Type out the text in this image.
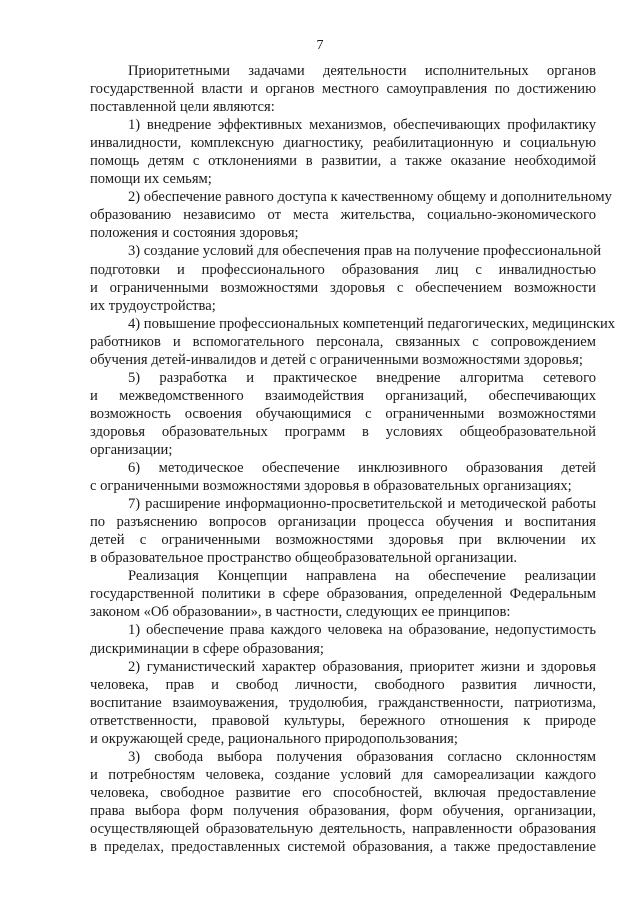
7
Приоритетными задачами деятельности исполнительных органов
государственной власти и органов местного самоуправления по достижению
поставленной цели являются:
1) внедрение эффективных механизмов, обеспечивающих профилактику
инвалидности, комплексную диагностику, реабилитационную и социальную
помощь детям с отклонениями в развитии, а также оказание необходимой
помощи их семьям;
2) обеспечение равного доступа к качественному общему и дополнительному
образованию независимо от места жительства, социально-экономического
положения и состояния здоровья;
3) создание условий для обеспечения прав на получение профессиональной
подготовки и профессионального образования лиц с инвалидностью
и ограниченными возможностями здоровья с обеспечением возможности
их трудоустройства;
4) повышение профессиональных компетенций педагогических, медицинских
работников и вспомогательного персонала, связанных с сопровождением
обучения детей-инвалидов и детей с ограниченными возможностями здоровья;
5) разработка и практическое внедрение алгоритма сетевого
и межведомственного взаимодействия организаций, обеспечивающих
возможность освоения обучающимися с ограниченными возможностями
здоровья образовательных программ в условиях общеобразовательной
организации;
6) методическое обеспечение инклюзивного образования детей
с ограниченными возможностями здоровья в образовательных организациях;
7) расширение информационно-просветительской и методической работы
по разъяснению вопросов организации процесса обучения и воспитания
детей с ограниченными возможностями здоровья при включении их
в образовательное пространство общеобразовательной организации.
Реализация Концепции направлена на обеспечение реализации
государственной политики в сфере образования, определенной Федеральным
законом «Об образовании», в частности, следующих ее принципов:
1) обеспечение права каждого человека на образование, недопустимость
дискриминации в сфере образования;
2) гуманистический характер образования, приоритет жизни и здоровья
человека, прав и свобод личности, свободного развития личности,
воспитание взаимоуважения, трудолюбия, гражданственности, патриотизма,
ответственности, правовой культуры, бережного отношения к природе
и окружающей среде, рационального природопользования;
3) свобода выбора получения образования согласно склонностям
и потребностям человека, создание условий для самореализации каждого
человека, свободное развитие его способностей, включая предоставление
права выбора форм получения образования, форм обучения, организации,
осуществляющей образовательную деятельность, направленности образования
в пределах, предоставленных системой образования, а также предоставление
